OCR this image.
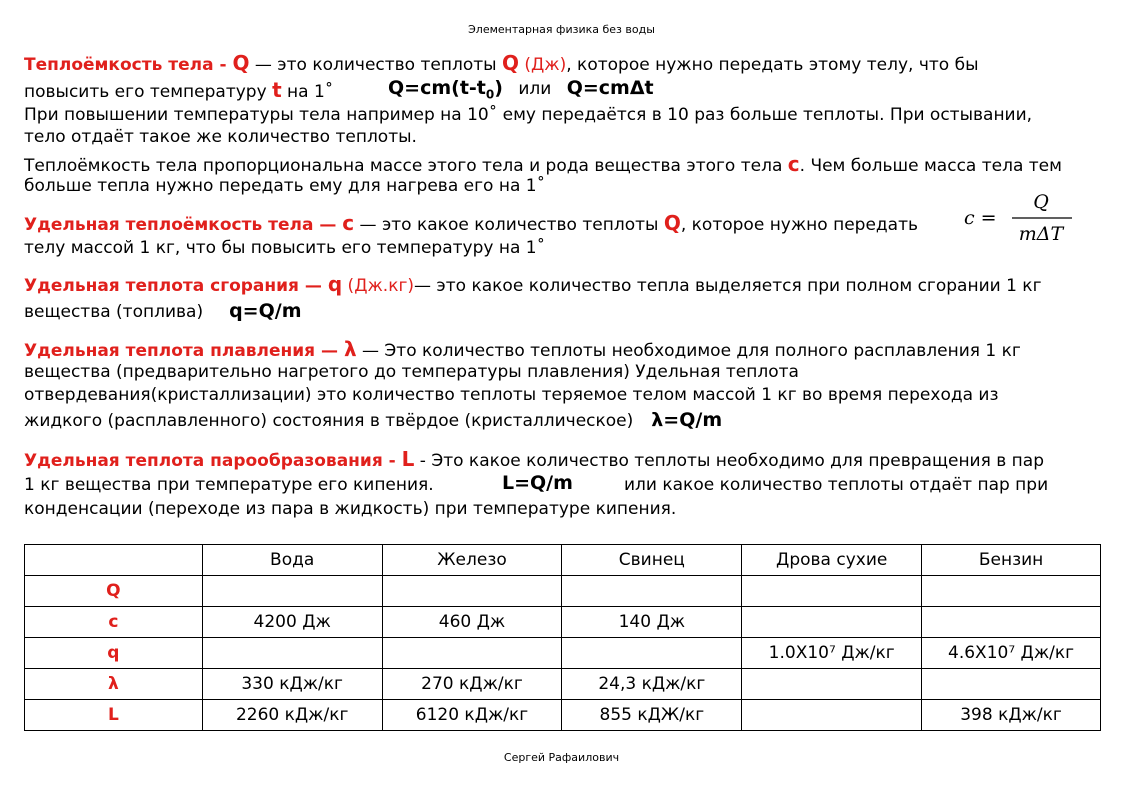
Элементарная физика без воды
Теплоёмкость тела - Q — это количество теплоты Q (Дж), которое нужно передать этому телу, что бы
повысить его температуру t на 1˚	$Q=cm(t-t_0)$ или Q=cmΔt
При повышении температуры тела например на 10˚ ему передаётся в 10 раз больше теплоты. При остывании,
тело отдаёт такое же количество теплоты.
Теплоёмкость тела пропорциональна массе этого тела и рода вещества этого тела с. Чем больше масса тела тем
больше тепла нужно передать ему для нагрева его на 1˚
Удельная теплоёмкость тела — c — это какое количество теплоты Q, которое нужно передать
телу массой 1 кг, что бы повысить его температуру на 1˚
c =
Q
mΔT
Удельная теплота сгорания — q (Дж.кг)— это какое количество тепла выделяется при полном сгорании 1 кг
вещества (топлива) q=Q/m
Удельная теплота плавления — λ — Это количество теплоты необходимое для полного расплавления 1 кг
вещества (предварительно нагретого до температуры плавления) Удельная теплота
отвердевания(кристаллизации) это количество теплоты теряемое телом массой 1 кг во время перехода из
жидкого (расплавленного) состояния в твёрдое (кристаллическое) λ=Q/m
Удельная теплота парообразования - L - Это какое количество теплоты необходимо для превращения в пар
1 кг вещества при температуре его кипения.	L=Q/m	или какое количество теплоты отдаёт пар при
конденсации (переходе из пара в жидкость) при температуре кипения.
	Вода	Железо	Свинец	Дрова сухие	Бензин
Q					
c	4200 Дж	460 Дж	140 Дж		
q				1.0X10⁷ Дж/кг	4.6X10⁷ Дж/кг
λ	330 кДж/кг	270 кДж/кг	24,3 кДж/кг		
L	2260 кДж/кг	6120 кДж/кг	855 кДЖ/кг		398 кДж/кг
Сергей Рафаилович
